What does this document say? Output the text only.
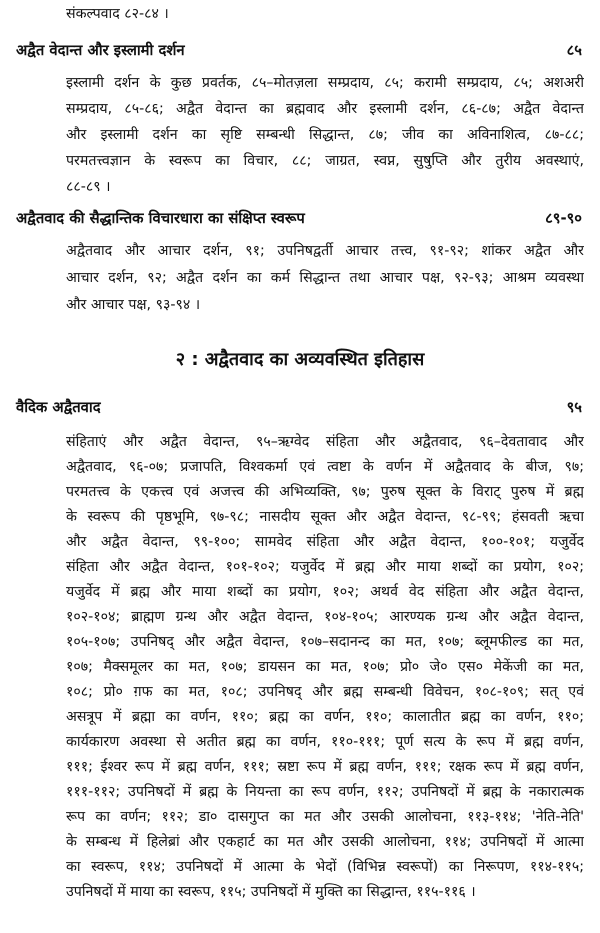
संकल्पवाद ८२-८४ ।
अद्वैत वेदान्त और इस्लामी दर्शन	८५
इस्लामी दर्शन के कुछ प्रवर्तक, ८५–मोतज़ला सम्प्रदाय, ८५; करामी सम्प्रदाय, ८५; अशअरी
सम्प्रदाय, ८५-८६; अद्वैत वेदान्त का ब्रह्मवाद और इस्लामी दर्शन, ८६-८७; अद्वैत वेदान्त
और इस्लामी दर्शन का सृष्टि सम्बन्धी सिद्धान्त, ८७; जीव का अविनाशित्व, ८७-८८;
परमतत्त्वज्ञान के स्वरूप का विचार, ८८; जाग्रत, स्वप्न, सुषुप्ति और तुरीय अवस्थाएं,
८८-८९ ।
अद्वैतवाद की सैद्धान्तिक विचारधारा का संक्षिप्त स्वरूप	८९-९०
अद्वैतवाद और आचार दर्शन, ९१; उपनिषद्वर्ती आचार तत्त्व, ९१-९२; शांकर अद्वैत और
आचार दर्शन, ९२; अद्वैत दर्शन का कर्म सिद्धान्त तथा आचार पक्ष, ९२-९३; आश्रम व्यवस्था
और आचार पक्ष, ९३-९४ ।
२ : अद्वैतवाद का अव्यवस्थित इतिहास
वैदिक अद्वैतवाद	९५
संहिताएं और अद्वैत वेदान्त, ९५–ऋग्वेद संहिता और अद्वैतवाद, ९६–देवतावाद और
अद्वैतवाद, ९६-०७; प्रजापति, विश्वकर्मा एवं त्वष्टा के वर्णन में अद्वैतवाद के बीज, ९७;
परमतत्त्व के एकत्त्व एवं अजत्त्व की अभिव्यक्ति, ९७; पुरुष सूक्त के विराट् पुरुष में ब्रह्म
के स्वरूप की पृष्ठभूमि, ९७-९८; नासदीय सूक्त और अद्वैत वेदान्त, ९८-९९; हंसवती ऋचा
और अद्वैत वेदान्त, ९९-१००; सामवेद संहिता और अद्वैत वेदान्त, १००-१०१; यजुर्वेद
संहिता और अद्वैत वेदान्त, १०१-१०२; यजुर्वेद में ब्रह्म और माया शब्दों का प्रयोग, १०२;
यजुर्वेद में ब्रह्म और माया शब्दों का प्रयोग, १०२; अथर्व वेद संहिता और अद्वैत वेदान्त,
१०२-१०४; ब्राह्मण ग्रन्थ और अद्वैत वेदान्त, १०४-१०५; आरण्यक ग्रन्थ और अद्वैत वेदान्त,
१०५-१०७; उपनिषद् और अद्वैत वेदान्त, १०७–सदानन्द का मत, १०७; ब्लूमफील्ड का मत,
१०७; मैक्समूलर का मत, १०७; डायसन का मत, १०७; प्रो० जे० एस० मेकेंजी का मत,
१०८; प्रो० ग़फ का मत, १०८; उपनिषद् और ब्रह्म सम्बन्धी विवेचन, १०८-१०९; सत् एवं
असत्रूप में ब्रह्मा का वर्णन, ११०; ब्रह्म का वर्णन, ११०; कालातीत ब्रह्म का वर्णन, ११०;
कार्यकारण अवस्था से अतीत ब्रह्म का वर्णन, ११०-१११; पूर्ण सत्य के रूप में ब्रह्म वर्णन,
१११; ईश्वर रूप में ब्रह्म वर्णन, १११; स्रष्टा रूप में ब्रह्म वर्णन, १११; रक्षक रूप में ब्रह्म वर्णन,
१११-११२; उपनिषदों में ब्रह्म के नियन्ता का रूप वर्णन, ११२; उपनिषदों में ब्रह्म के नकारात्मक
रूप का वर्णन; ११२; डा० दासगुप्त का मत और उसकी आलोचना, ११३-११४; 'नेति-नेति'
के सम्बन्ध में हिलेब्रां और एकहार्ट का मत और उसकी आलोचना, ११४; उपनिषदों में आत्मा
का स्वरूप, ११४; उपनिषदों में आत्मा के भेदों (विभिन्न स्वरूपों) का निरूपण, ११४-११५;
उपनिषदों में माया का स्वरूप, ११५; उपनिषदों में मुक्ति का सिद्धान्त, ११५-११६ ।
